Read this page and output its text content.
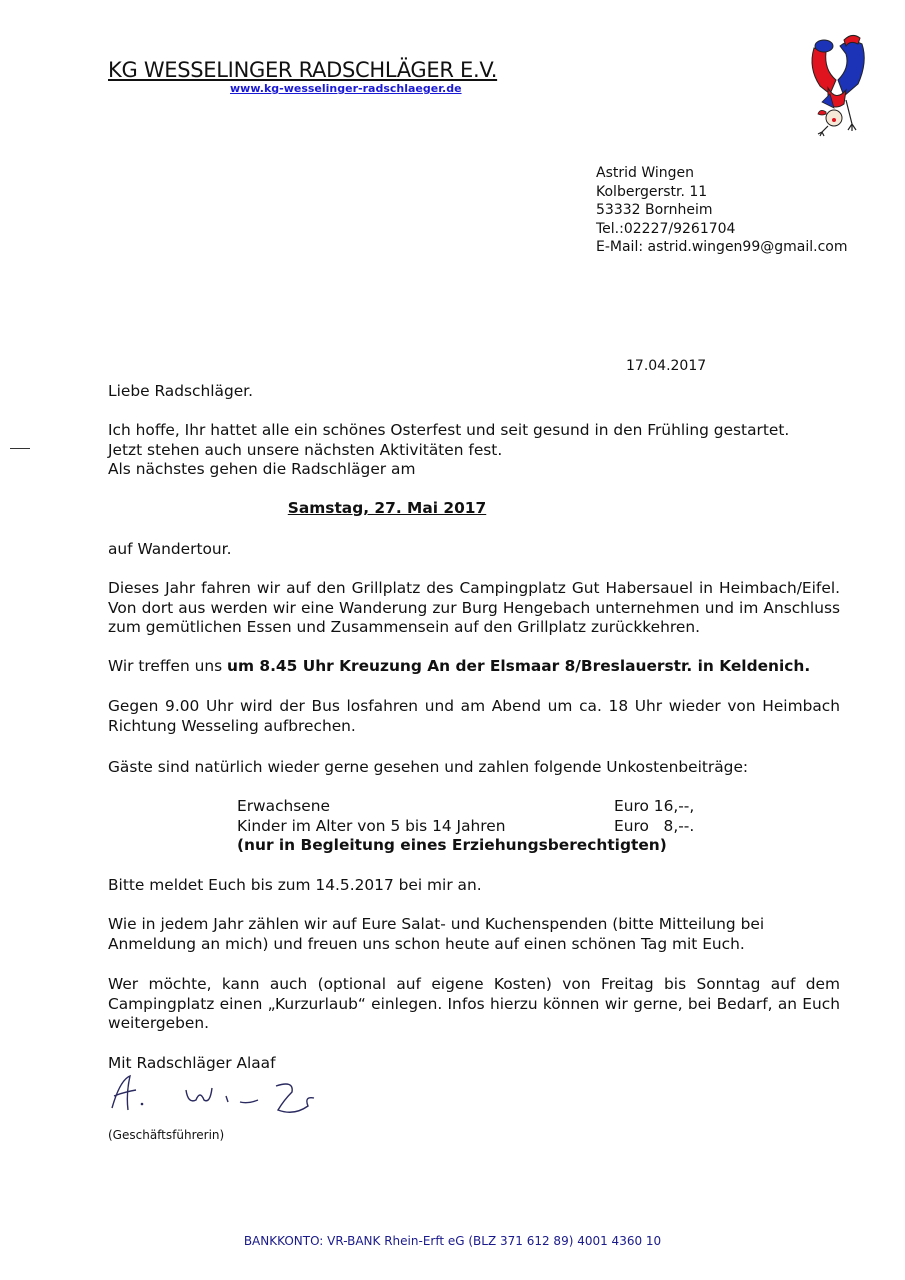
KG WESSELINGER RADSCHLÄGER E.V.
www.kg-wesselinger-radschlaeger.de
Astrid Wingen
Kolbergerstr. 11
53332 Bornheim
Tel.:02227/9261704
E-Mail: astrid.wingen99@gmail.com
17.04.2017
Liebe Radschläger.
Ich hoffe, Ihr hattet alle ein schönes Osterfest und seit gesund in den Frühling gestartet.
Jetzt stehen auch unsere nächsten Aktivitäten fest.
Als nächstes gehen die Radschläger am
Samstag, 27. Mai 2017
auf Wandertour.
Dieses Jahr fahren wir auf den Grillplatz des Campingplatz Gut Habersauel in Heimbach/Eifel. Von dort aus werden wir eine Wanderung zur Burg Hengebach unternehmen und im Anschluss zum gemütlichen Essen und Zusammensein auf den Grillplatz zurückkehren.
Wir treffen uns um 8.45 Uhr Kreuzung An der Elsmaar 8/Breslauerstr. in Keldenich.
Gegen 9.00 Uhr wird der Bus losfahren und am Abend um ca. 18 Uhr wieder von Heimbach Richtung Wesseling aufbrechen.
Gäste sind natürlich wieder gerne gesehen und zahlen folgende Unkostenbeiträge:
Erwachsene	Euro 16,--,
Kinder im Alter von 5 bis 14 Jahren	Euro   8,--.
(nur in Begleitung eines Erziehungsberechtigten)
Bitte meldet Euch bis zum 14.5.2017 bei mir an.
Wie in jedem Jahr zählen wir auf Eure Salat- und Kuchenspenden (bitte Mitteilung bei Anmeldung an mich) und freuen uns schon heute auf einen schönen Tag mit Euch.
Wer möchte, kann auch (optional auf eigene Kosten) von Freitag bis Sonntag auf dem Campingplatz einen „Kurzurlaub“ einlegen. Infos hierzu können wir gerne, bei Bedarf, an Euch weitergeben.
Mit Radschläger Alaaf
(Geschäftsführerin)
BANKKONTO: VR-BANK Rhein-Erft eG (BLZ 371 612 89) 4001 4360 10
